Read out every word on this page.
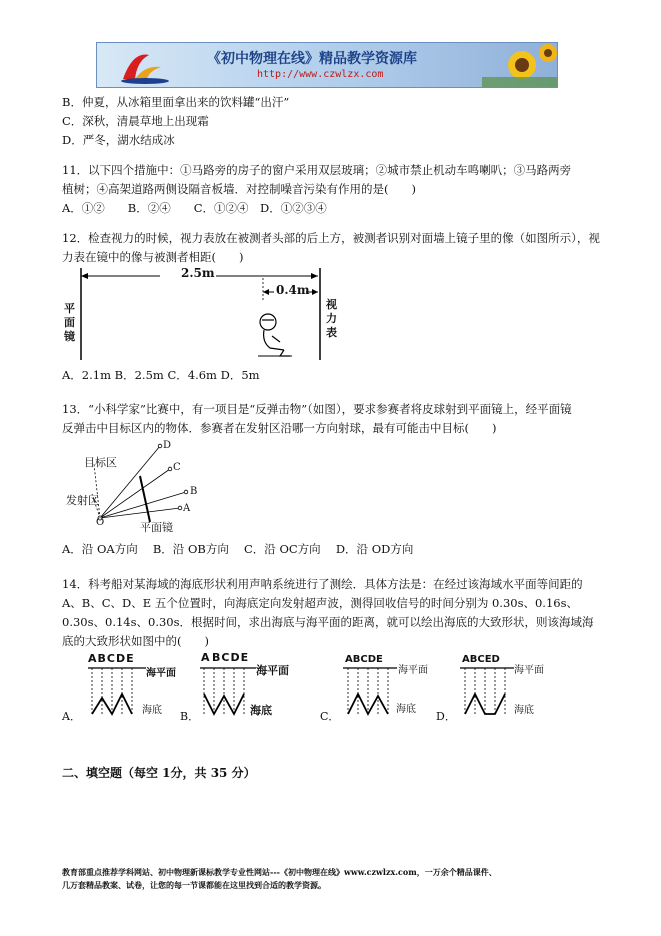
《初中物理在线》精品教学资源库
http://www.czwlzx.com
B．仲夏，从冰箱里面拿出来的饮料罐“出汗”
C．深秋，清晨草地上出现霜
D．严冬，湖水结成冰
11．以下四个措施中：①马路旁的房子的窗户采用双层玻璃；②城市禁止机动车鸣喇叭；③马路两旁
植树；④高架道路两侧设隔音板墙．对控制噪音污染有作用的是(　　)
A．①②　　B．②④　　C．①②④　D．①②③④
12．检查视力的时候，视力表放在被测者头部的后上方，被测者识别对面墙上镜子里的像（如图所示），视
力表在镜中的像与被测者相距(　　)
2.5m
0.4m
平
面
镜
视
力
表
A．2.1m B．2.5m C．4.6m D．5m
13．“小科学家”比赛中，有一项目是“反弹击物”（如图），要求参赛者将皮球射到平面镜上，经平面镜
反弹击中目标区内的物体．参赛者在发射区沿哪一方向射球，最有可能击中目标(　　)
目标区
发射区
平面镜
D
C
B
A
O
A．沿 OA方向　 B．沿 OB方向　 C．沿 OC方向　 D．沿 OD方向
14．科考船对某海域的海底形状利用声呐系统进行了测绘．具体方法是：在经过该海域水平面等间距的
A、B、C、D、E 五个位置时，向海底定向发射超声波，测得回收信号的时间分别为 0.30s、0.16s、
0.30s、0.14s、0.30s．根据时间，求出海底与海平面的距离，就可以绘出海底的大致形状，则该海域海
底的大致形状如图中的(　　)
A．
ABCDE
海平面
海底 B．
A BCDE
海平面
海底	C．
ABCDE
海平面
海底
D．
ABCED
海平面
海底
二、填空题（每空 1分，共 35 分）
教育部重点推荐学科网站、初中物理新课标教学专业性网站---《初中物理在线》www.czwlzx.com，一万余个精品课件、
几万套精品教案、试卷，让您的每一节课都能在这里找到合适的教学资源。
